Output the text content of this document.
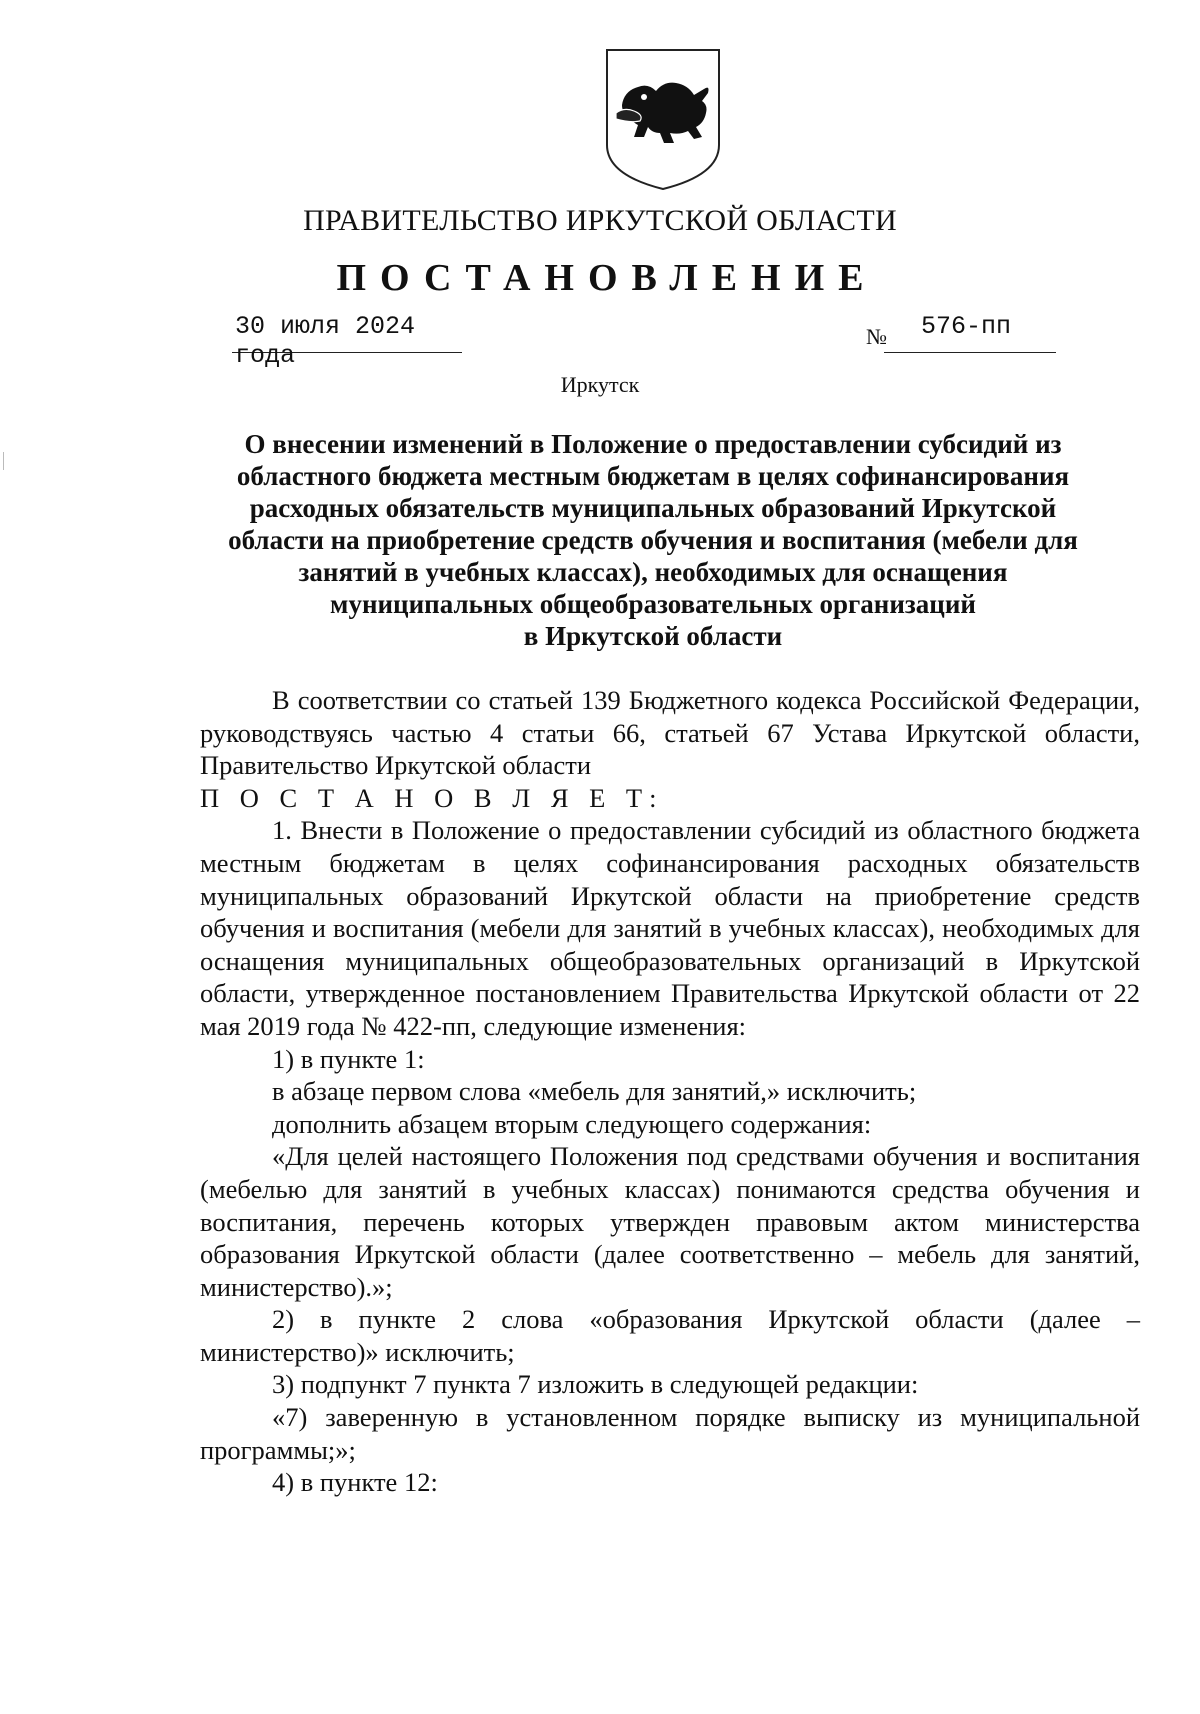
ПРАВИТЕЛЬСТВО ИРКУТСКОЙ ОБЛАСТИ
ПОСТАНОВЛЕНИЕ
30 июля 2024 года
№ 576-пп
Иркутск
О внесении изменений в Положение о предоставлении субсидий из
областного бюджета местным бюджетам в целях софинансирования
расходных обязательств муниципальных образований Иркутской
области на приобретение средств обучения и воспитания (мебели для
занятий в учебных классах), необходимых для оснащения
муниципальных общеобразовательных организаций
в Иркутской области

В соответствии со статьей 139 Бюджетного кодекса Российской Федерации, руководствуясь частью 4 статьи 66, статьей 67 Устава Иркутской области, Правительство Иркутской области

П О С Т А Н О В Л Я Е Т:

1. Внести в Положение о предоставлении субсидий из областного бюджета местным бюджетам в целях софинансирования расходных обязательств муниципальных образований Иркутской области на приобретение средств обучения и воспитания (мебели для занятий в учебных классах), необходимых для оснащения муниципальных общеобразовательных организаций в Иркутской области, утвержденное постановлением Правительства Иркутской области от 22 мая 2019 года № 422-пп, следующие изменения:

1) в пункте 1:

в абзаце первом слова «мебель для занятий,» исключить;

дополнить абзацем вторым следующего содержания:

«Для целей настоящего Положения под средствами обучения и воспитания (мебелью для занятий в учебных классах) понимаются средства обучения и воспитания, перечень которых утвержден правовым актом министерства образования Иркутской области (далее соответственно – мебель для занятий, министерство).»;

2) в пункте 2 слова «образования Иркутской области (далее – министерство)» исключить;

3) подпункт 7 пункта 7 изложить в следующей редакции:

«7) заверенную в установленном порядке выписку из муниципальной программы;»;

4) в пункте 12:
